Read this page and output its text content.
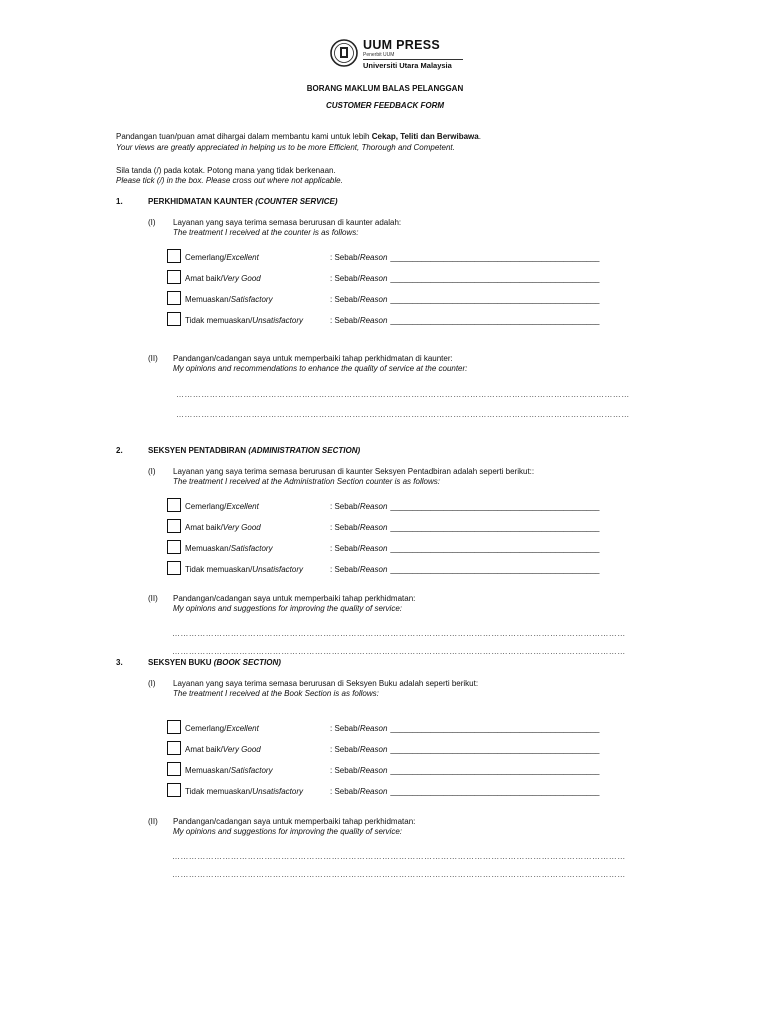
UUM PRESS
Penerbit UUM
Universiti Utara Malaysia
BORANG MAKLUM BALAS PELANGGAN
CUSTOMER FEEDBACK FORM
Pandangan tuan/puan amat dihargai dalam membantu kami untuk lebih Cekap, Teliti dan Berwibawa.
Your views are greatly appreciated in helping us to be more Efficient, Thorough and Competent.
Sila tanda (/) pada kotak. Potong mana yang tidak berkenaan.
Please tick (/) in the box. Please cross out where not applicable.
1.	PERKHIDMATAN KAUNTER (COUNTER SERVICE)
(I) Layanan yang saya terima semasa berurusan di kaunter adalah:
The treatment I received at the counter is as follows:
Cemerlang/Excellent	: Sebab/Reason _______________________________________________
Amat baik/Very Good	: Sebab/Reason _______________________________________________
Memuaskan/Satisfactory	: Sebab/Reason _______________________________________________
Tidak memuaskan/Unsatisfactory	: Sebab/Reason _______________________________________________
(II) Pandangan/cadangan saya untuk memperbaiki tahap perkhidmatan di kaunter:
My opinions and recommendations to enhance the quality of service at the counter:
………………………………………………………………………………………………………………………………………………
………………………………………………………………………………………………………………………………………………
2.	SEKSYEN PENTADBIRAN (ADMINISTRATION SECTION)
(I) Layanan yang saya terima semasa berurusan di kaunter Seksyen Pentadbiran adalah seperti berikut::
The treatment I received at the Administration Section counter is as follows:
Cemerlang/Excellent	: Sebab/Reason _______________________________________________
Amat baik/Very Good	: Sebab/Reason _______________________________________________
Memuaskan/Satisfactory	: Sebab/Reason _______________________________________________
Tidak memuaskan/Unsatisfactory	: Sebab/Reason _______________________________________________
(II) Pandangan/cadangan saya untuk memperbaiki tahap perkhidmatan:
My opinions and suggestions for improving the quality of service:
………………………………………………………………………………………………………………………………………………
………………………………………………………………………………………………………………………………………………
3.	SEKSYEN BUKU (BOOK SECTION)
(I) Layanan yang saya terima semasa berurusan di Seksyen Buku adalah seperti berikut:
The treatment I received at the Book Section is as follows:
Cemerlang/Excellent	: Sebab/Reason _______________________________________________
Amat baik/Very Good	: Sebab/Reason _______________________________________________
Memuaskan/Satisfactory	: Sebab/Reason _______________________________________________
Tidak memuaskan/Unsatisfactory	: Sebab/Reason _______________________________________________
(II) Pandangan/cadangan saya untuk memperbaiki tahap perkhidmatan:
My opinions and suggestions for improving the quality of service:
………………………………………………………………………………………………………………………………………………
………………………………………………………………………………………………………………………………………………
